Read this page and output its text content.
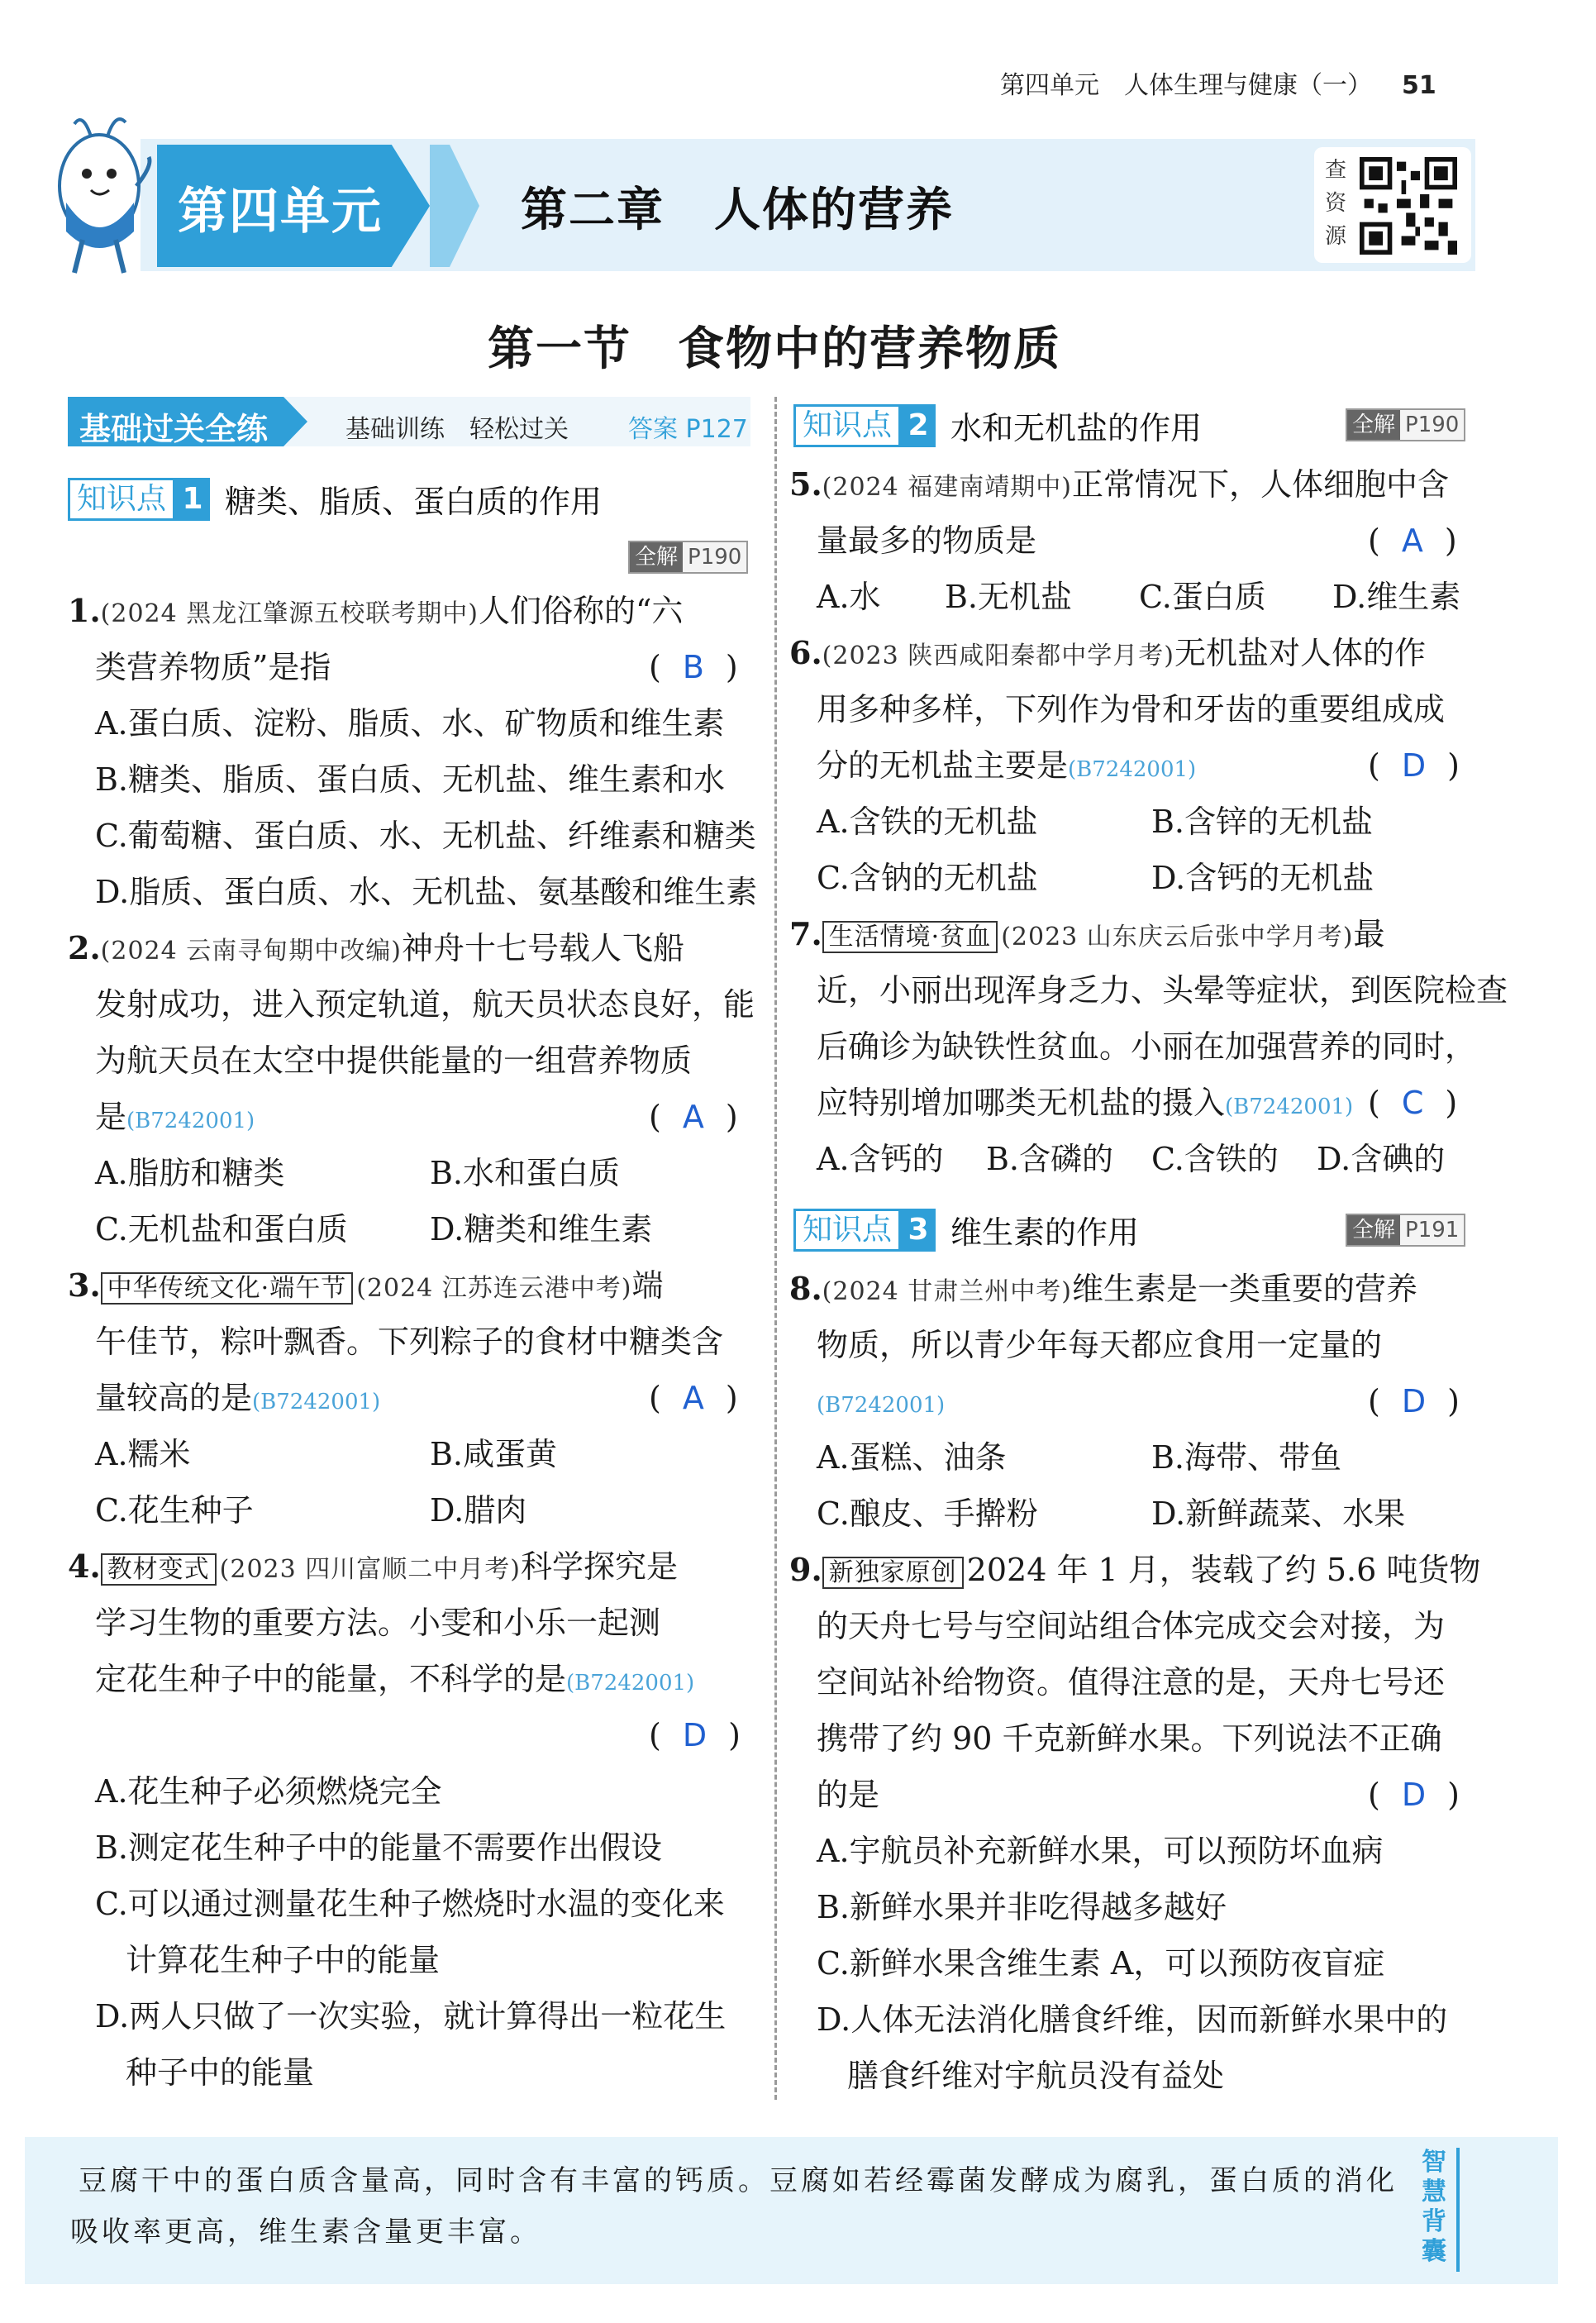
第四单元　人体生理与健康（一） 51
第四单元	第二章 人体的营养
查资源
第一节 食物中的营养物质
基础过关全练	基础训练　轻松过关 答案 P127
知识点 1 糖类、脂质、蛋白质的作用
全解 P190
1.(2024 黑龙江肇源五校联考期中)人们俗称的“六
类营养物质”是指	( B )
A.蛋白质、淀粉、脂质、水、矿物质和维生素
B.糖类、脂质、蛋白质、无机盐、维生素和水
C.葡萄糖、蛋白质、水、无机盐、纤维素和糖类
D.脂质、蛋白质、水、无机盐、氨基酸和维生素
2.(2024 云南寻甸期中改编)神舟十七号载人飞船
发射成功，进入预定轨道，航天员状态良好，能
为航天员在太空中提供能量的一组营养物质
是(B7242001)	( A )
A.脂肪和糖类	B.水和蛋白质
C.无机盐和蛋白质	D.糖类和维生素
3. 中华传统文化·端午节 (2024 江苏连云港中考)端
午佳节，粽叶飘香。下列粽子的食材中糖类含
量较高的是(B7242001)	( A )
A.糯米	B.咸蛋黄
C.花生种子	D.腊肉
4. 教材变式 (2023 四川富顺二中月考)科学探究是
学习生物的重要方法。小雯和小乐一起测
定花生种子中的能量，不科学的是(B7242001)
( D )
A.花生种子必须燃烧完全
B.测定花生种子中的能量不需要作出假设
C.可以通过测量花生种子燃烧时水温的变化来
计算花生种子中的能量
D.两人只做了一次实验，就计算得出一粒花生
种子中的能量
知识点 2 水和无机盐的作用	全解 P190
5.(2024 福建南靖期中)正常情况下，人体细胞中含
量最多的物质是	( A )
A.水 B.无机盐 C.蛋白质 D.维生素
6.(2023 陕西咸阳秦都中学月考)无机盐对人体的作
用多种多样，下列作为骨和牙齿的重要组成成
分的无机盐主要是(B7242001)	( D )
A.含铁的无机盐	B.含锌的无机盐
C.含钠的无机盐	D.含钙的无机盐
7. 生活情境·贫血 (2023 山东庆云后张中学月考)最
近，小丽出现浑身乏力、头晕等症状，到医院检查
后确诊为缺铁性贫血。小丽在加强营养的同时，
应特别增加哪类无机盐的摄入(B7242001) ( C )
A.含钙的 B.含磷的 C.含铁的 D.含碘的
知识点 3 维生素的作用	全解 P191
8.(2024 甘肃兰州中考)维生素是一类重要的营养
物质，所以青少年每天都应食用一定量的
(B7242001)	( D )
A.蛋糕、油条	B.海带、带鱼
C.酿皮、手擀粉	D.新鲜蔬菜、水果
9. 新独家原创 2024 年 1 月，装载了约 5.6 吨货物
的天舟七号与空间站组合体完成交会对接，为
空间站补给物资。值得注意的是，天舟七号还
携带了约 90 千克新鲜水果。下列说法不正确
的是	( D )
A.宇航员补充新鲜水果，可以预防坏血病
B.新鲜水果并非吃得越多越好
C.新鲜水果含维生素 A，可以预防夜盲症
D.人体无法消化膳食纤维，因而新鲜水果中的
膳食纤维对宇航员没有益处
豆腐干中的蛋白质含量高，同时含有丰富的钙质。豆腐如若经霉菌发酵成为腐乳，蛋白质的消化
吸收率更高，维生素含量更丰富。
智慧背囊
